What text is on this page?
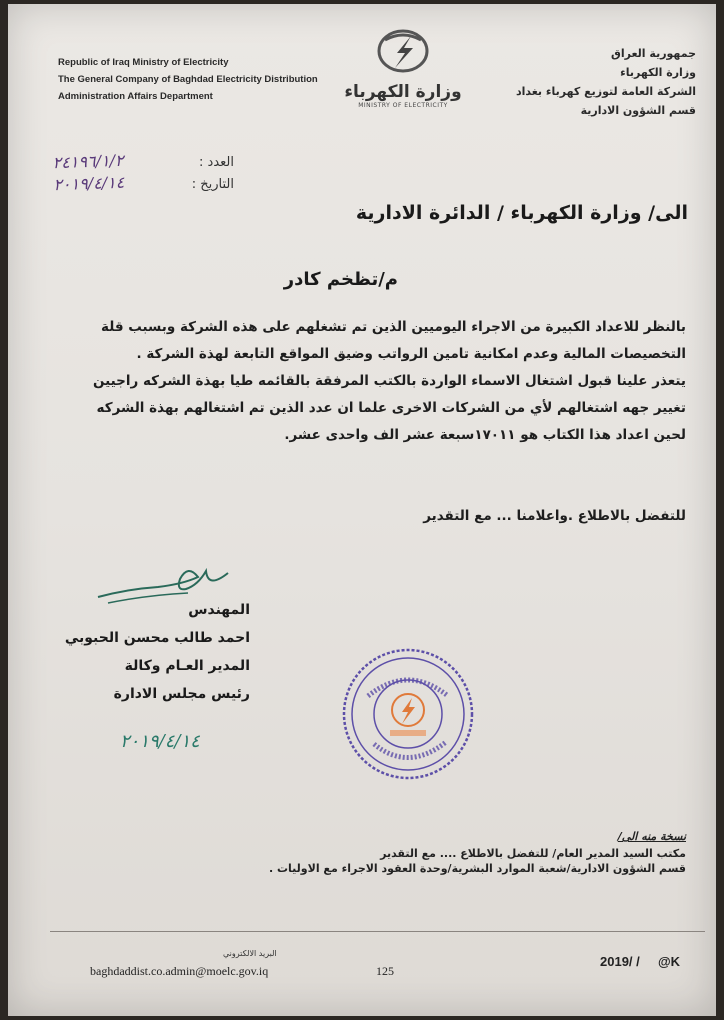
Republic of Iraq Ministry of Electricity
The General Company of Baghdad Electricity Distribution
Administration Affairs Department	وزارة الكهرباء
MINISTRY OF ELECTRICITY
جمهورية العراق
وزارة الكهرباء
الشركة العامة لتوزيع كهرباء بغداد
قسم الشؤون الادارية
العدد :
التاريخ :
٢٤١٩٦/١/٢
٢٠١٩/٤/١٤
الى/ وزارة الكهرباء / الدائرة الادارية
م/تظخم كادر

بالنظر للاعداد الكبيرة من الاجراء اليوميين الذين تم تشغلهم على هذه الشركة وبسبب قلة

التخصيصات المالية وعدم امكانية تامين الرواتب وضيق المواقع التابعة لهذة الشركة .

يتعذر علينا قبول اشتغال الاسماء الواردة بالكتب المرفقة بالقائمه طيا بهذة الشركه راجيين

تغيير جهه اشتغالهم لأي من الشركات الاخرى علما ان عدد الذين تم اشتغالهم بهذة الشركه

لحين اعداد هذا الكتاب هو ١٧٠١١سبعة عشر الف واحدى عشر.

للتفضل بالاطلاع .واعلامنا ... مع التقدير
المهندس
احمد طالب محسن الحبوبي
المدير العـام وكالة
رئيس مجلس الادارة
٢٠١٩/٤/١٤
نسخة منه الى/
مكتب السيد المدير العام/ للتفضل بالاطلاع .... مع التقدير
قسم الشؤون الادارية/شعبة الموارد البشرية/وحدة العقود الاجراء مع الاوليات .
البريد الالكتروني
baghdaddist.co.admin@moelc.gov.iq	125
2019/ / @K
